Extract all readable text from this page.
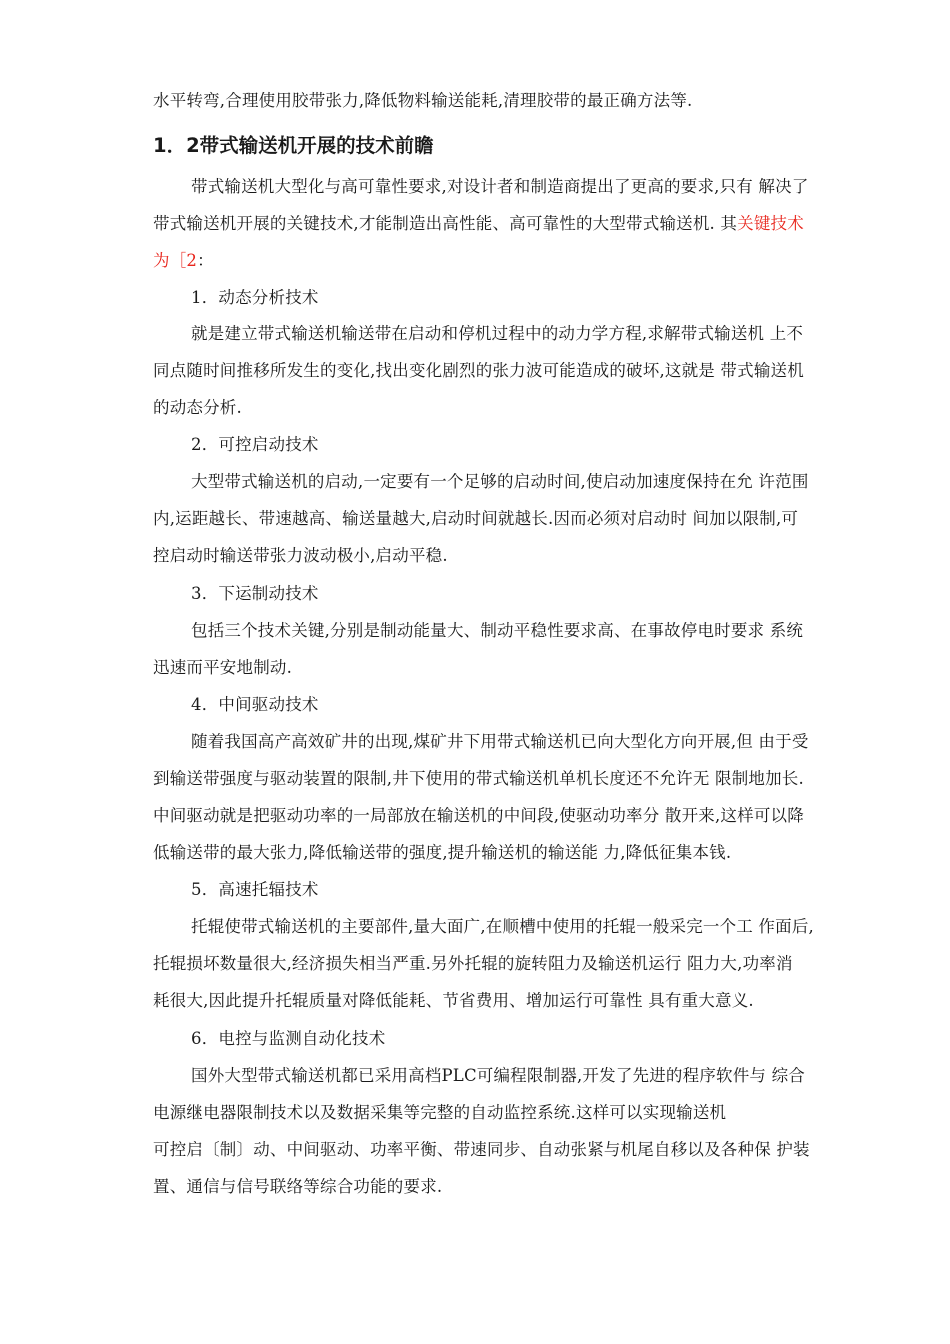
水平转弯,合理使用胶带张力,降低物料输送能耗,清理胶带的最正确方法等.
1．2带式输送机开展的技术前瞻
带式输送机大型化与高可靠性要求,对设计者和制造商提出了更高的要求,只有 解决了
带式输送机开展的关键技术,才能制造出高性能、高可靠性的大型带式输送机. 其关键技术
为［2：
1．动态分析技术
就是建立带式输送机输送带在启动和停机过程中的动力学方程,求解带式输送机 上不
同点随时间推移所发生的变化,找出变化剧烈的张力波可能造成的破坏,这就是 带式输送机
的动态分析.
2．可控启动技术
大型带式输送机的启动,一定要有一个足够的启动时间,使启动加速度保持在允 许范围
内,运距越长、带速越高、输送量越大,启动时间就越长.因而必须对启动时 间加以限制,可
控启动时输送带张力波动极小,启动平稳.
3．下运制动技术
包括三个技术关键,分别是制动能量大、制动平稳性要求高、在事故停电时要求 系统
迅速而平安地制动.
4．中间驱动技术
随着我国高产高效矿井的出现,煤矿井下用带式输送机已向大型化方向开展,但 由于受
到输送带强度与驱动装置的限制,井下使用的带式输送机单机长度还不允许无 限制地加长.
中间驱动就是把驱动功率的一局部放在输送机的中间段,使驱动功率分 散开来,这样可以降
低输送带的最大张力,降低输送带的强度,提升输送机的输送能 力,降低征集本钱.
5．高速托辐技术
托辊使带式输送机的主要部件,量大面广,在顺槽中使用的托辊一般采完一个工 作面后,
托辊损坏数量很大,经济损失相当严重.另外托辊的旋转阻力及输送机运行 阻力大,功率消
耗很大,因此提升托辊质量对降低能耗、节省费用、增加运行可靠性 具有重大意义.
6．电控与监测自动化技术
国外大型带式输送机都已采用高档PLC可编程限制器,开发了先进的程序软件与 综合
电源继电器限制技术以及数据采集等完整的自动监控系统.这样可以实现输送机
可控启〔制〕动、中间驱动、功率平衡、带速同步、自动张紧与机尾自移以及各种保 护装
置、通信与信号联络等综合功能的要求.
